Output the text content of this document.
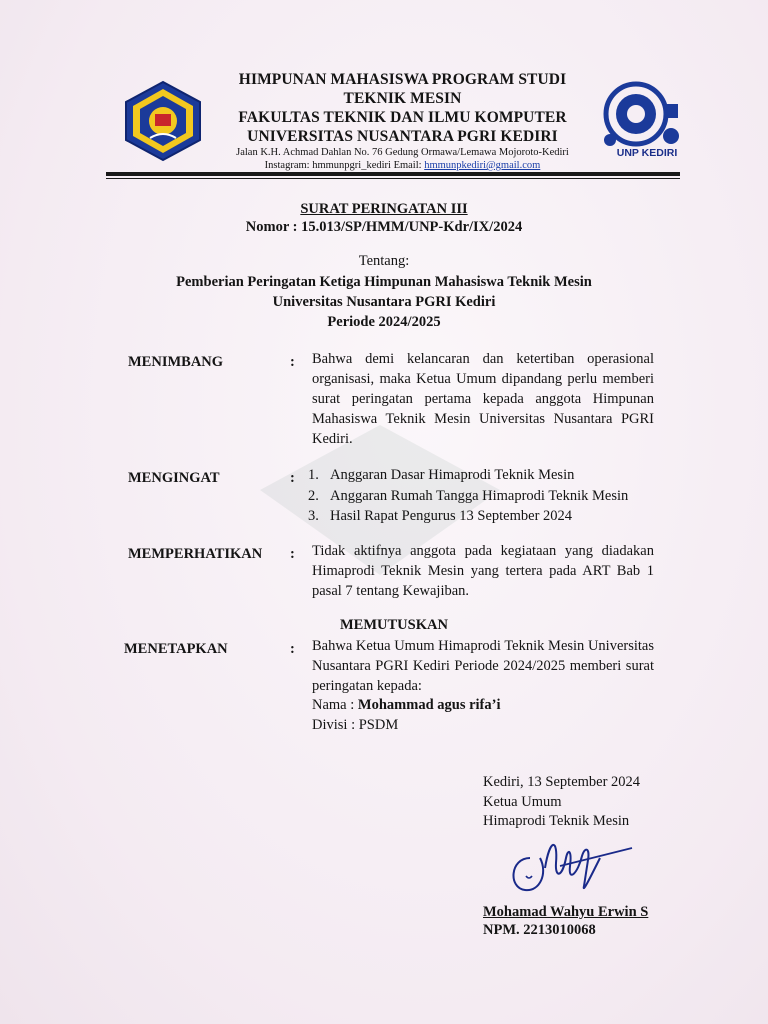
HIMPUNAN MAHASISWA PROGRAM STUDI
TEKNIK MESIN
FAKULTAS TEKNIK DAN ILMU KOMPUTER
UNIVERSITAS NUSANTARA PGRI KEDIRI
Jalan K.H. Achmad Dahlan No. 76 Gedung Ormawa/Lemawa Mojoroto-Kediri
Instagram: hmmunpgri_kediri Email: hmmunpkediri@gmail.com
UNP KEDIRI
SURAT PERINGATAN III
Nomor : 15.013/SP/HMM/UNP-Kdr/IX/2024
Tentang:
Pemberian Peringatan Ketiga Himpunan Mahasiswa Teknik Mesin
Universitas Nusantara PGRI Kediri
Periode 2024/2025
MENIMBANG	: Bahwa demi kelancaran dan ketertiban operasional organisasi, maka Ketua Umum dipandang perlu memberi surat peringatan pertama kepada anggota Himpunan Mahasiswa Teknik Mesin Universitas Nusantara PGRI Kediri.
MENGINGAT	: 1. Anggaran Dasar Himaprodi Teknik Mesin
2. Anggaran Rumah Tangga Himaprodi Teknik Mesin
3. Hasil Rapat Pengurus 13 September 2024
MEMPERHATIKAN : Tidak aktifnya anggota pada kegiataan yang diadakan Himaprodi Teknik Mesin yang tertera pada ART Bab 1 pasal 7 tentang Kewajiban.
MEMUTUSKAN
MENETAPKAN	: Bahwa Ketua Umum Himaprodi Teknik Mesin Universitas Nusantara PGRI Kediri Periode 2024/2025 memberi surat peringatan kepada:
Nama : Mohammad agus rifa’i
Divisi : PSDM
Kediri, 13 September 2024
Ketua Umum
Himaprodi Teknik Mesin
Mohamad Wahyu Erwin S
NPM. 2213010068
